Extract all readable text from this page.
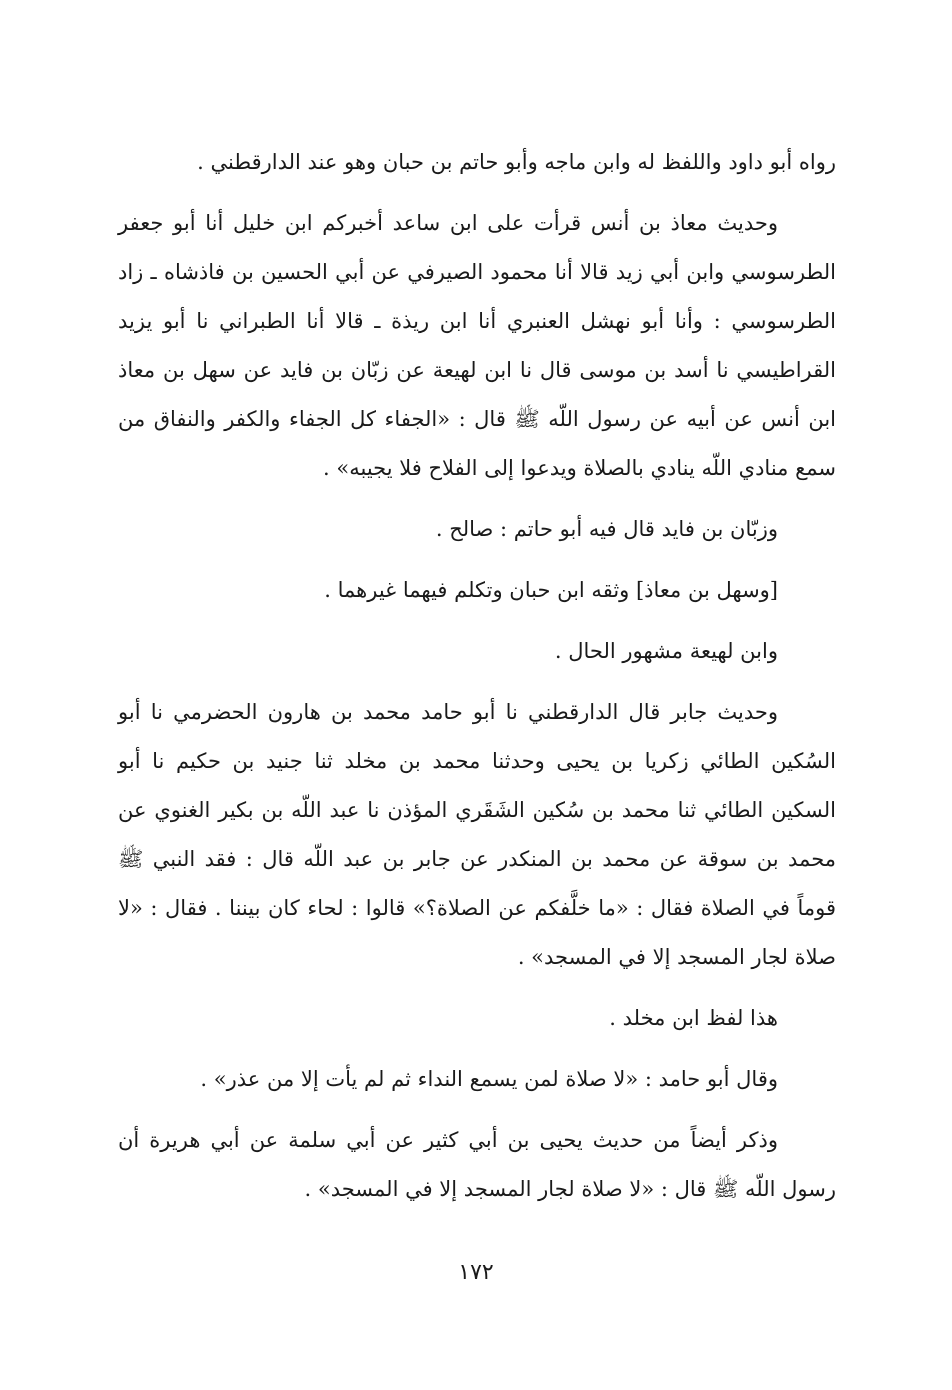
رواه أبو داود واللفظ له وابن ماجه وأبو حاتم بن حبان وهو عند الدارقطني .

وحديث معاذ بن أنس قرأت على ابن ساعد أخبركم ابن خليل أنا أبو جعفر الطرسوسي وابن أبي زيد قالا أنا محمود الصيرفي عن أبي الحسين بن فاذشاه ـ زاد الطرسوسي : وأنا أبو نهشل العنبري أنا ابن ريذة ـ قالا أنا الطبراني نا أبو يزيد القراطيسي نا أسد بن موسى قال نا ابن لهيعة عن زبّان بن فايد عن سهل بن معاذ ابن أنس عن أبيه عن رسول اللّه ﷺ قال : «الجفاء كل الجفاء والكفر والنفاق من سمع منادي اللّه ينادي بالصلاة ويدعوا إلى الفلاح فلا يجيبه» .

وزبّان بن فايد قال فيه أبو حاتم : صالح .

[وسهل بن معاذ] وثقه ابن حبان وتكلم فيهما غيرهما .

وابن لهيعة مشهور الحال .

وحديث جابر قال الدارقطني نا أبو حامد محمد بن هارون الحضرمي نا أبو السُكين الطائي زكريا بن يحيى وحدثنا محمد بن مخلد ثنا جنيد بن حكيم نا أبو السكين الطائي ثنا محمد بن سُكين الشَقَري المؤذن نا عبد اللّه بن بكير الغنوي عن محمد بن سوقة عن محمد بن المنكدر عن جابر بن عبد اللّه قال : فقد النبي ﷺ قوماً في الصلاة فقال : «ما خلَّفكم عن الصلاة؟» قالوا : لحاء كان بيننا . فقال : «لا صلاة لجار المسجد إلا في المسجد» .

هذا لفظ ابن مخلد .

وقال أبو حامد : «لا صلاة لمن يسمع النداء ثم لم يأت إلا من عذر» .

وذكر أيضاً من حديث يحيى بن أبي كثير عن أبي سلمة عن أبي هريرة أن رسول اللّه ﷺ قال : «لا صلاة لجار المسجد إلا في المسجد» .

١٧٢
